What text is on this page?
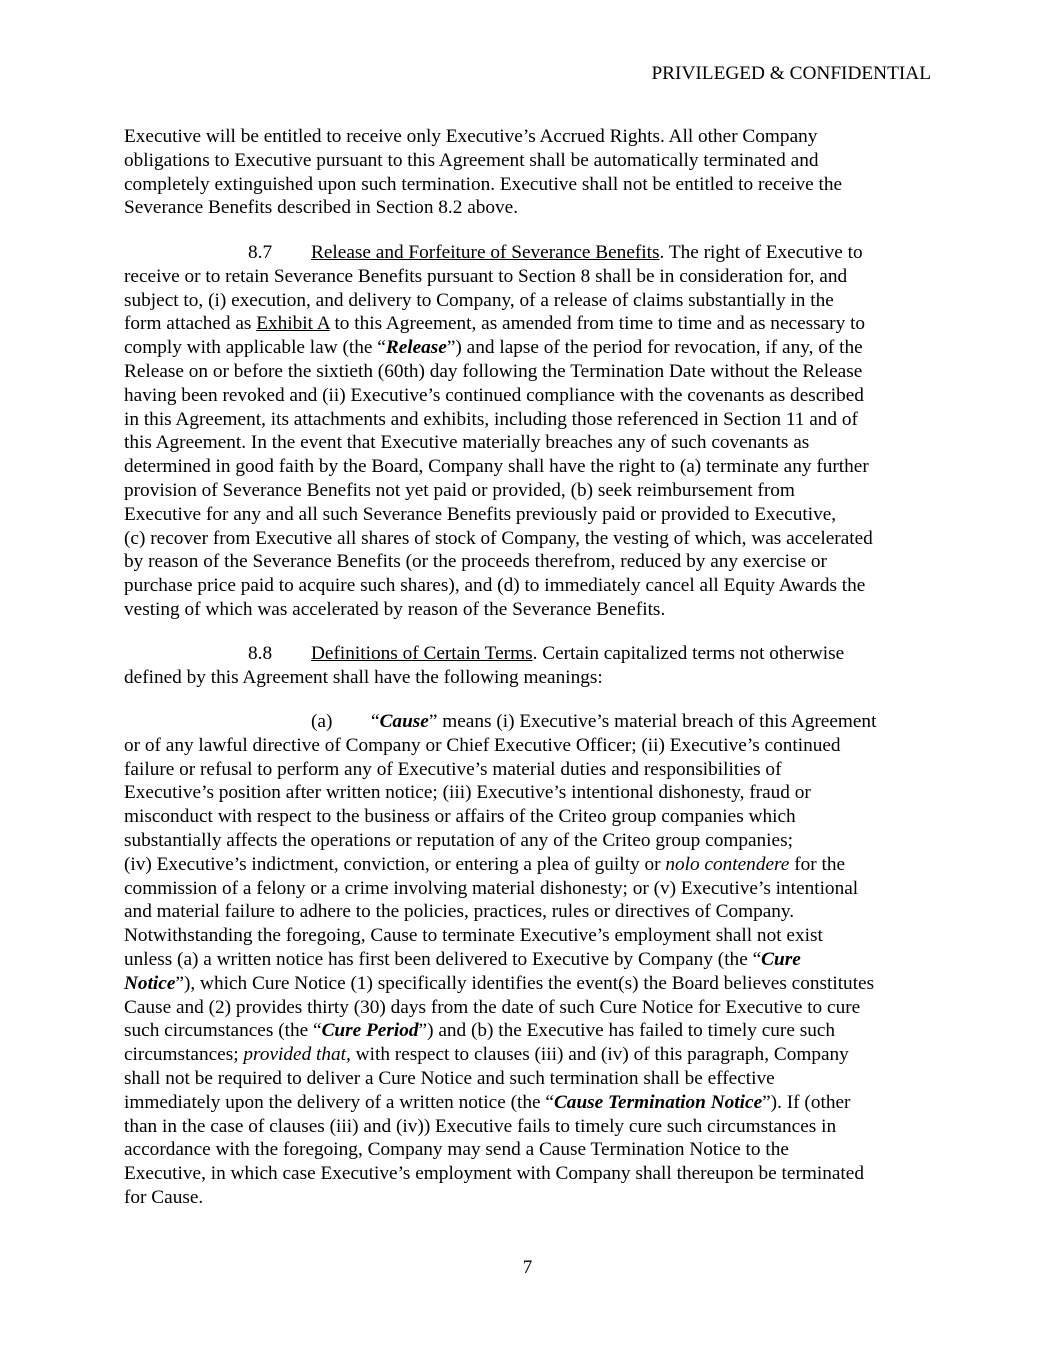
PRIVILEGED & CONFIDENTIAL
Executive will be entitled to receive only Executive’s Accrued Rights. All other Company
obligations to Executive pursuant to this Agreement shall be automatically terminated and
completely extinguished upon such termination. Executive shall not be entitled to receive the
Severance Benefits described in Section 8.2 above.
8.7 Release and Forfeiture of Severance Benefits. The right of Executive to
receive or to retain Severance Benefits pursuant to Section 8 shall be in consideration for, and
subject to, (i) execution, and delivery to Company, of a release of claims substantially in the
form attached as Exhibit A to this Agreement, as amended from time to time and as necessary to
comply with applicable law (the “Release”) and lapse of the period for revocation, if any, of the
Release on or before the sixtieth (60th) day following the Termination Date without the Release
having been revoked and (ii) Executive’s continued compliance with the covenants as described
in this Agreement, its attachments and exhibits, including those referenced in Section 11 and of
this Agreement. In the event that Executive materially breaches any of such covenants as
determined in good faith by the Board, Company shall have the right to (a) terminate any further
provision of Severance Benefits not yet paid or provided, (b) seek reimbursement from
Executive for any and all such Severance Benefits previously paid or provided to Executive,
(c) recover from Executive all shares of stock of Company, the vesting of which, was accelerated
by reason of the Severance Benefits (or the proceeds therefrom, reduced by any exercise or
purchase price paid to acquire such shares), and (d) to immediately cancel all Equity Awards the
vesting of which was accelerated by reason of the Severance Benefits.
8.8 Definitions of Certain Terms. Certain capitalized terms not otherwise
defined by this Agreement shall have the following meanings:
(a) “Cause” means (i) Executive’s material breach of this Agreement
or of any lawful directive of Company or Chief Executive Officer; (ii) Executive’s continued
failure or refusal to perform any of Executive’s material duties and responsibilities of
Executive’s position after written notice; (iii) Executive’s intentional dishonesty, fraud or
misconduct with respect to the business or affairs of the Criteo group companies which
substantially affects the operations or reputation of any of the Criteo group companies;
(iv) Executive’s indictment, conviction, or entering a plea of guilty or nolo contendere for the
commission of a felony or a crime involving material dishonesty; or (v) Executive’s intentional
and material failure to adhere to the policies, practices, rules or directives of Company.
Notwithstanding the foregoing, Cause to terminate Executive’s employment shall not exist
unless (a) a written notice has first been delivered to Executive by Company (the “Cure
Notice”), which Cure Notice (1) specifically identifies the event(s) the Board believes constitutes
Cause and (2) provides thirty (30) days from the date of such Cure Notice for Executive to cure
such circumstances (the “Cure Period”) and (b) the Executive has failed to timely cure such
circumstances; provided that, with respect to clauses (iii) and (iv) of this paragraph, Company
shall not be required to deliver a Cure Notice and such termination shall be effective
immediately upon the delivery of a written notice (the “Cause Termination Notice”). If (other
than in the case of clauses (iii) and (iv)) Executive fails to timely cure such circumstances in
accordance with the foregoing, Company may send a Cause Termination Notice to the
Executive, in which case Executive’s employment with Company shall thereupon be terminated
for Cause.
7
